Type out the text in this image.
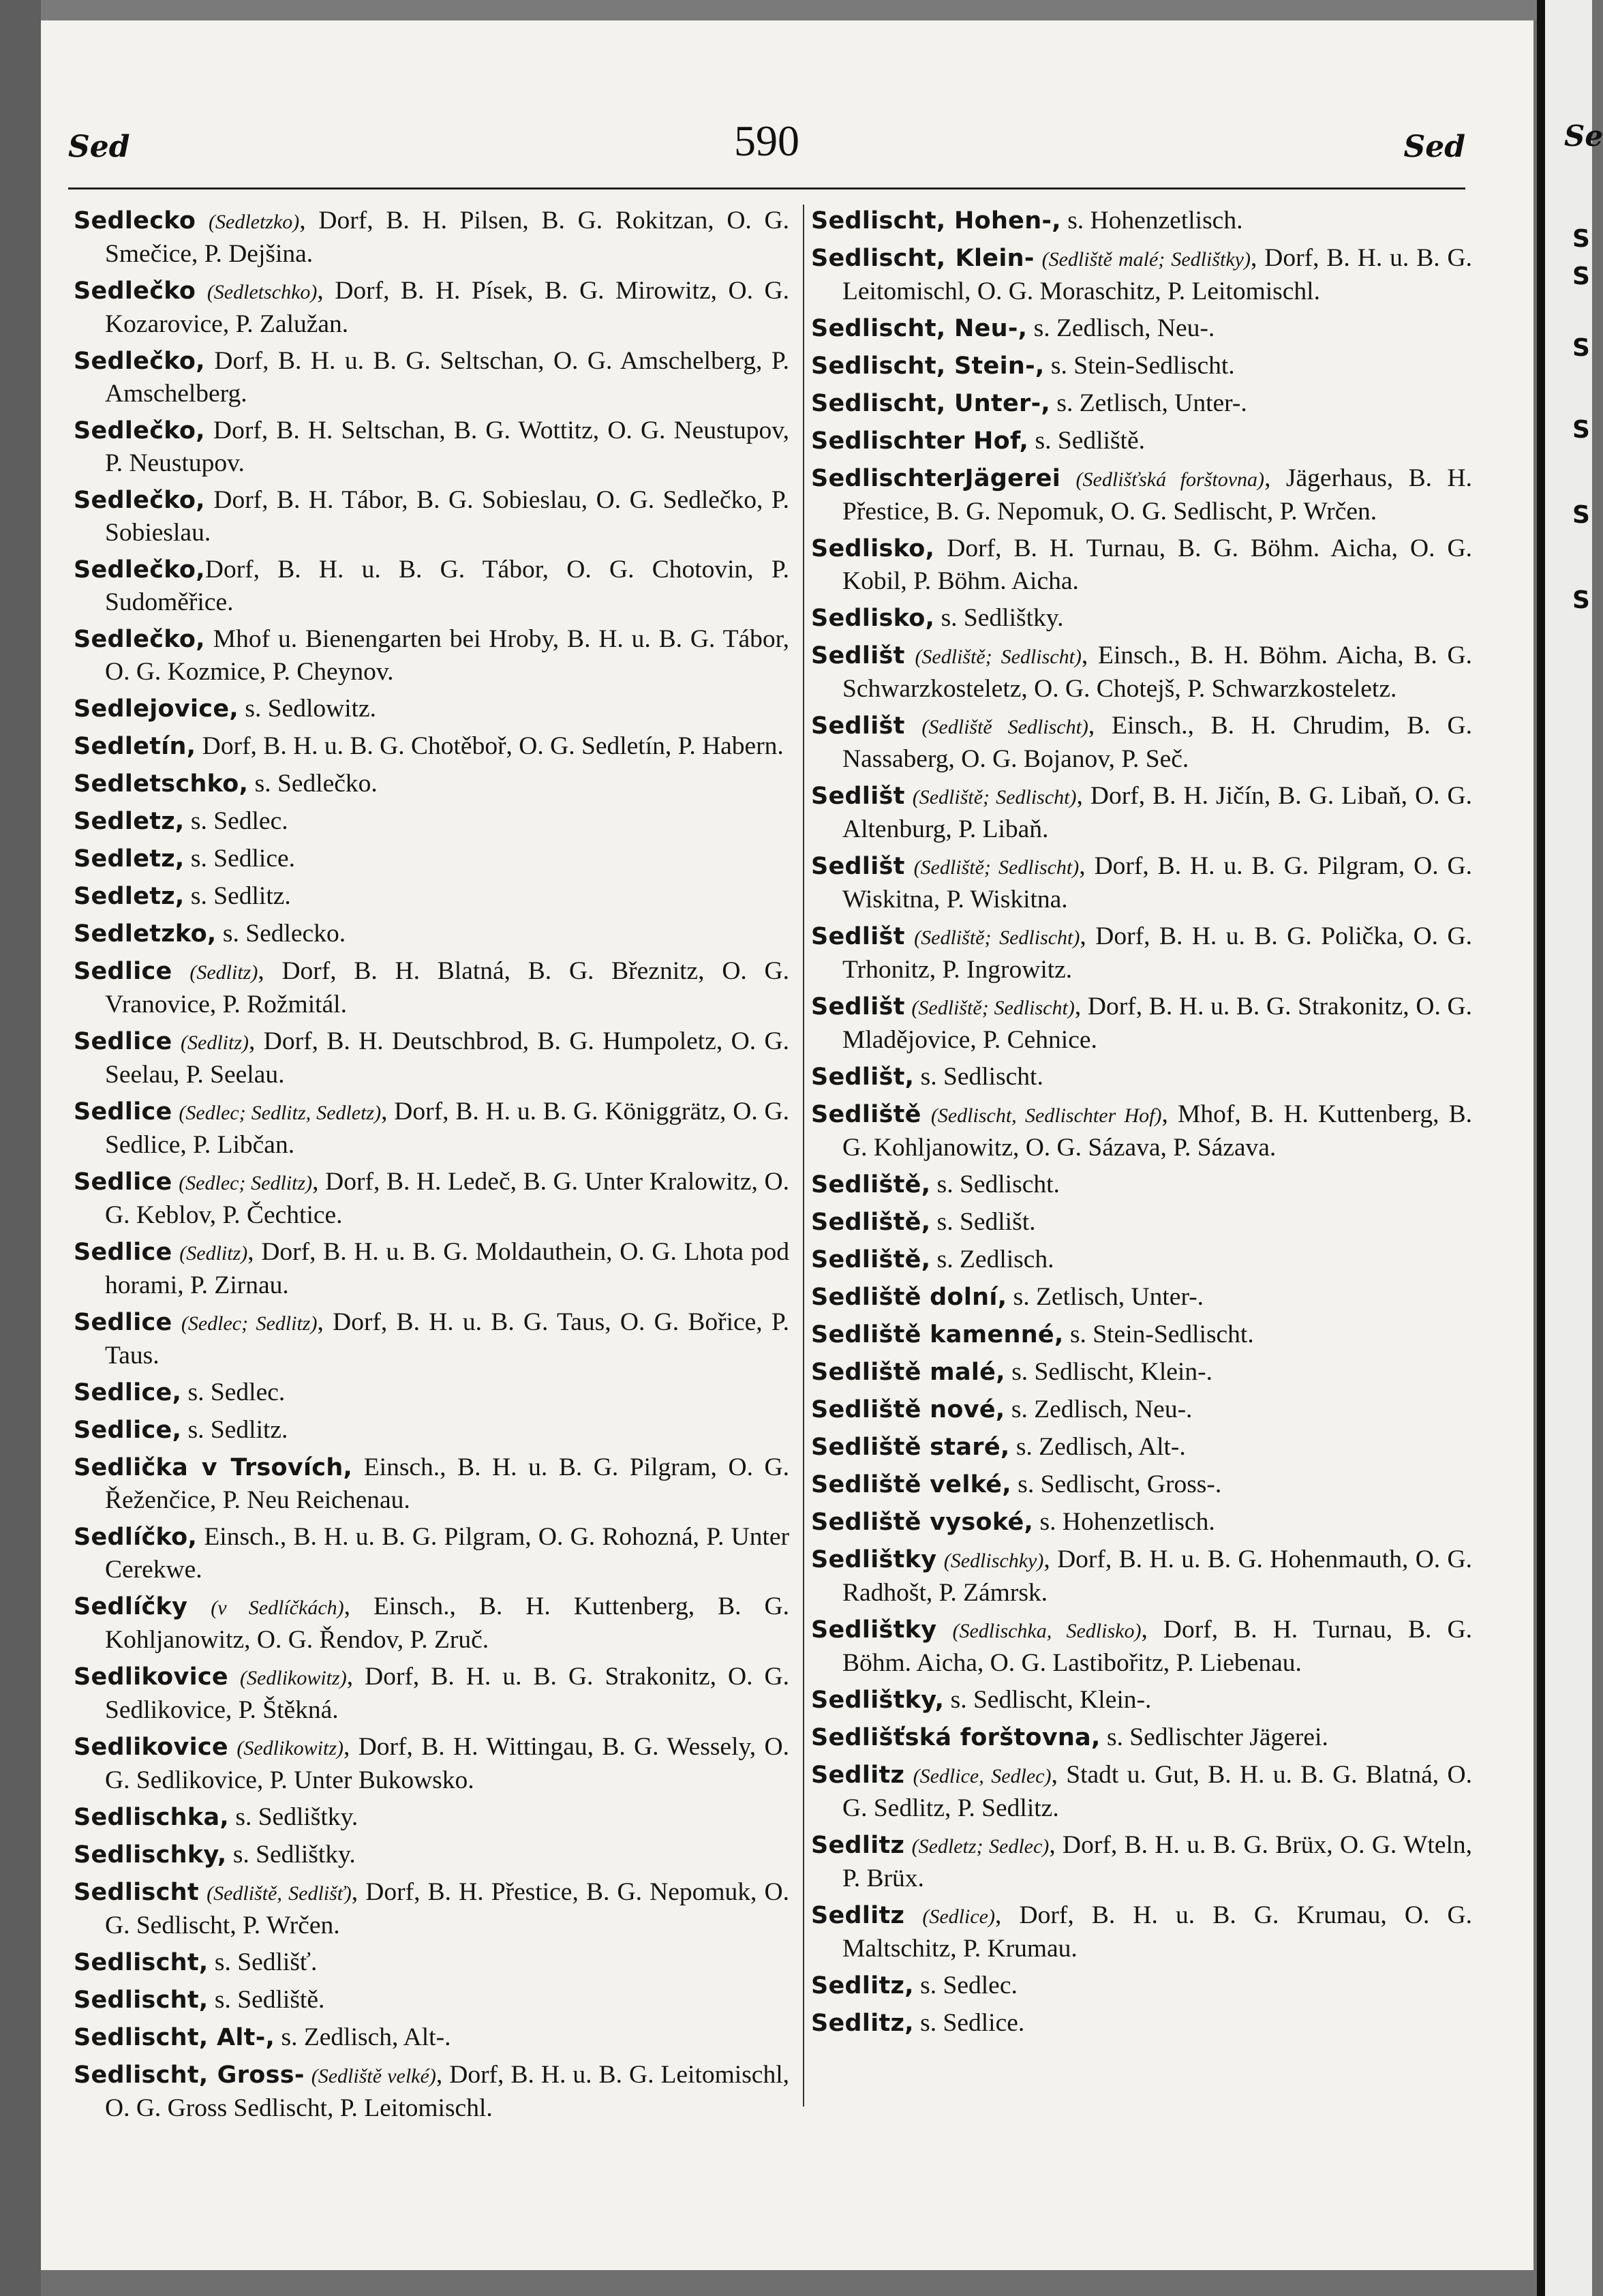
Sed	590	Sed

Sedlecko (Sedletzko), Dorf, B. H. Pilsen, B. G. Rokitzan, O. G. Smečice, P. Dejšina.

Sedlečko (Sedletschko), Dorf, B. H. Písek, B. G. Mirowitz, O. G. Kozarovice, P. Zalužan.

Sedlečko, Dorf, B. H. u. B. G. Seltschan, O. G. Amschelberg, P. Amschelberg.

Sedlečko, Dorf, B. H. Seltschan, B. G. Wottitz, O. G. Neustupov, P. Neustupov.

Sedlečko, Dorf, B. H. Tábor, B. G. Sobieslau, O. G. Sedlečko, P. Sobieslau.

Sedlečko,Dorf, B. H. u. B. G. Tábor, O. G. Chotovin, P. Sudoměřice.

Sedlečko, Mhof u. Bienengarten bei Hroby, B. H. u. B. G. Tábor, O. G. Kozmice, P. Cheynov.

Sedlejovice, s. Sedlowitz.

Sedletín, Dorf, B. H. u. B. G. Chotěboř, O. G. Sedletín, P. Habern.

Sedletschko, s. Sedlečko.

Sedletz, s. Sedlec.

Sedletz, s. Sedlice.

Sedletz, s. Sedlitz.

Sedletzko, s. Sedlecko.

Sedlice (Sedlitz), Dorf, B. H. Blatná, B. G. Březnitz, O. G. Vranovice, P. Rožmitál.

Sedlice (Sedlitz), Dorf, B. H. Deutschbrod, B. G. Humpoletz, O. G. Seelau, P. Seelau.

Sedlice (Sedlec; Sedlitz, Sedletz), Dorf, B. H. u. B. G. Königgrätz, O. G. Sedlice, P. Libčan.

Sedlice (Sedlec; Sedlitz), Dorf, B. H. Ledeč, B. G. Unter Kralowitz, O. G. Keblov, P. Čechtice.

Sedlice (Sedlitz), Dorf, B. H. u. B. G. Moldauthein, O. G. Lhota pod horami, P. Zirnau.

Sedlice (Sedlec; Sedlitz), Dorf, B. H. u. B. G. Taus, O. G. Bořice, P. Taus.

Sedlice, s. Sedlec.

Sedlice, s. Sedlitz.

Sedlička v Trsovích, Einsch., B. H. u. B. G. Pilgram, O. G. Řeženčice, P. Neu Reichenau.

Sedlíčko, Einsch., B. H. u. B. G. Pilgram, O. G. Rohozná, P. Unter Cerekwe.

Sedlíčky (v Sedlíčkách), Einsch., B. H. Kuttenberg, B. G. Kohljanowitz, O. G. Řendov, P. Zruč.

Sedlikovice (Sedlikowitz), Dorf, B. H. u. B. G. Strakonitz, O. G. Sedlikovice, P. Štěkná.

Sedlikovice (Sedlikowitz), Dorf, B. H. Wittingau, B. G. Wessely, O. G. Sedlikovice, P. Unter Bukowsko.

Sedlischka, s. Sedlištky.

Sedlischky, s. Sedlištky.

Sedlischt (Sedliště, Sedlišť), Dorf, B. H. Přestice, B. G. Nepomuk, O. G. Sedlischt, P. Wrčen.

Sedlischt, s. Sedlišť.

Sedlischt, s. Sedliště.

Sedlischt, Alt-, s. Zedlisch, Alt-.

Sedlischt, Gross- (Sedliště velké), Dorf, B. H. u. B. G. Leitomischl, O. G. Gross Sedlischt, P. Leitomischl.

Sedlischt, Hohen-, s. Hohenzetlisch.

Sedlischt, Klein- (Sedliště malé; Sedlištky), Dorf, B. H. u. B. G. Leitomischl, O. G. Moraschitz, P. Leitomischl.

Sedlischt, Neu-, s. Zedlisch, Neu-.

Sedlischt, Stein-, s. Stein-Sedlischt.

Sedlischt, Unter-, s. Zetlisch, Unter-.

Sedlischter Hof, s. Sedliště.

SedlischterJägerei (Sedlišťská forštovna), Jägerhaus, B. H. Přestice, B. G. Nepomuk, O. G. Sedlischt, P. Wrčen.

Sedlisko, Dorf, B. H. Turnau, B. G. Böhm. Aicha, O. G. Kobil, P. Böhm. Aicha.

Sedlisko, s. Sedlištky.

Sedlišt (Sedliště; Sedlischt), Einsch., B. H. Böhm. Aicha, B. G. Schwarzkosteletz, O. G. Chotejš, P. Schwarzkosteletz.

Sedlišt (Sedliště Sedlischt), Einsch., B. H. Chrudim, B. G. Nassaberg, O. G. Bojanov, P. Seč.

Sedlišt (Sedliště; Sedlischt), Dorf, B. H. Jičín, B. G. Libaň, O. G. Altenburg, P. Libaň.

Sedlišt (Sedliště; Sedlischt), Dorf, B. H. u. B. G. Pilgram, O. G. Wiskitna, P. Wiskitna.

Sedlišt (Sedliště; Sedlischt), Dorf, B. H. u. B. G. Polička, O. G. Trhonitz, P. Ingrowitz.

Sedlišt (Sedliště; Sedlischt), Dorf, B. H. u. B. G. Strakonitz, O. G. Mladějovice, P. Cehnice.

Sedlišt, s. Sedlischt.

Sedliště (Sedlischt, Sedlischter Hof), Mhof, B. H. Kuttenberg, B. G. Kohljanowitz, O. G. Sázava, P. Sázava.

Sedliště, s. Sedlischt.

Sedliště, s. Sedlišt.

Sedliště, s. Zedlisch.

Sedliště dolní, s. Zetlisch, Unter-.

Sedliště kamenné, s. Stein-Sedlischt.

Sedliště malé, s. Sedlischt, Klein-.

Sedliště nové, s. Zedlisch, Neu-.

Sedliště staré, s. Zedlisch, Alt-.

Sedliště velké, s. Sedlischt, Gross-.

Sedliště vysoké, s. Hohenzetlisch.

Sedlištky (Sedlischky), Dorf, B. H. u. B. G. Hohenmauth, O. G. Radhošt, P. Zámrsk.

Sedlištky (Sedlischka, Sedlisko), Dorf, B. H. Turnau, B. G. Böhm. Aicha, O. G. Lastibořitz, P. Liebenau.

Sedlištky, s. Sedlischt, Klein-.

Sedlišťská forštovna, s. Sedlischter Jägerei.

Sedlitz (Sedlice, Sedlec), Stadt u. Gut, B. H. u. B. G. Blatná, O. G. Sedlitz, P. Sedlitz.

Sedlitz (Sedletz; Sedlec), Dorf, B. H. u. B. G. Brüx, O. G. Wteln, P. Brüx.

Sedlitz (Sedlice), Dorf, B. H. u. B. G. Krumau, O. G. Maltschitz, P. Krumau.

Sedlitz, s. Sedlec.

Sedlitz, s. Sedlice.

Se
S
S
S
S
S
S
